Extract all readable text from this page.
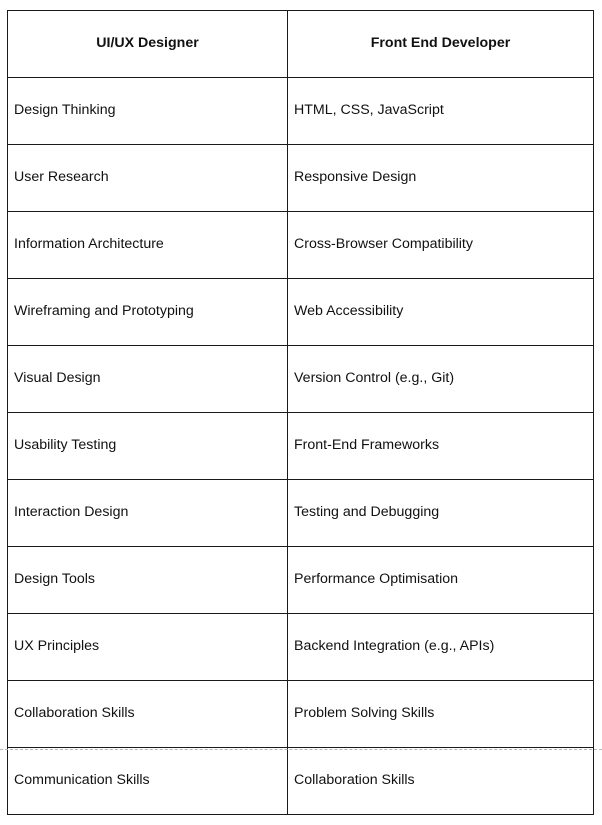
UI/UX Designer	Front End Developer
Design Thinking	HTML, CSS, JavaScript
User Research	Responsive Design
Information Architecture	Cross-Browser Compatibility
Wireframing and Prototyping	Web Accessibility
Visual Design	Version Control (e.g., Git)
Usability Testing	Front-End Frameworks
Interaction Design	Testing and Debugging
Design Tools	Performance Optimisation
UX Principles	Backend Integration (e.g., APIs)
Collaboration Skills	Problem Solving Skills
Communication Skills	Collaboration Skills
